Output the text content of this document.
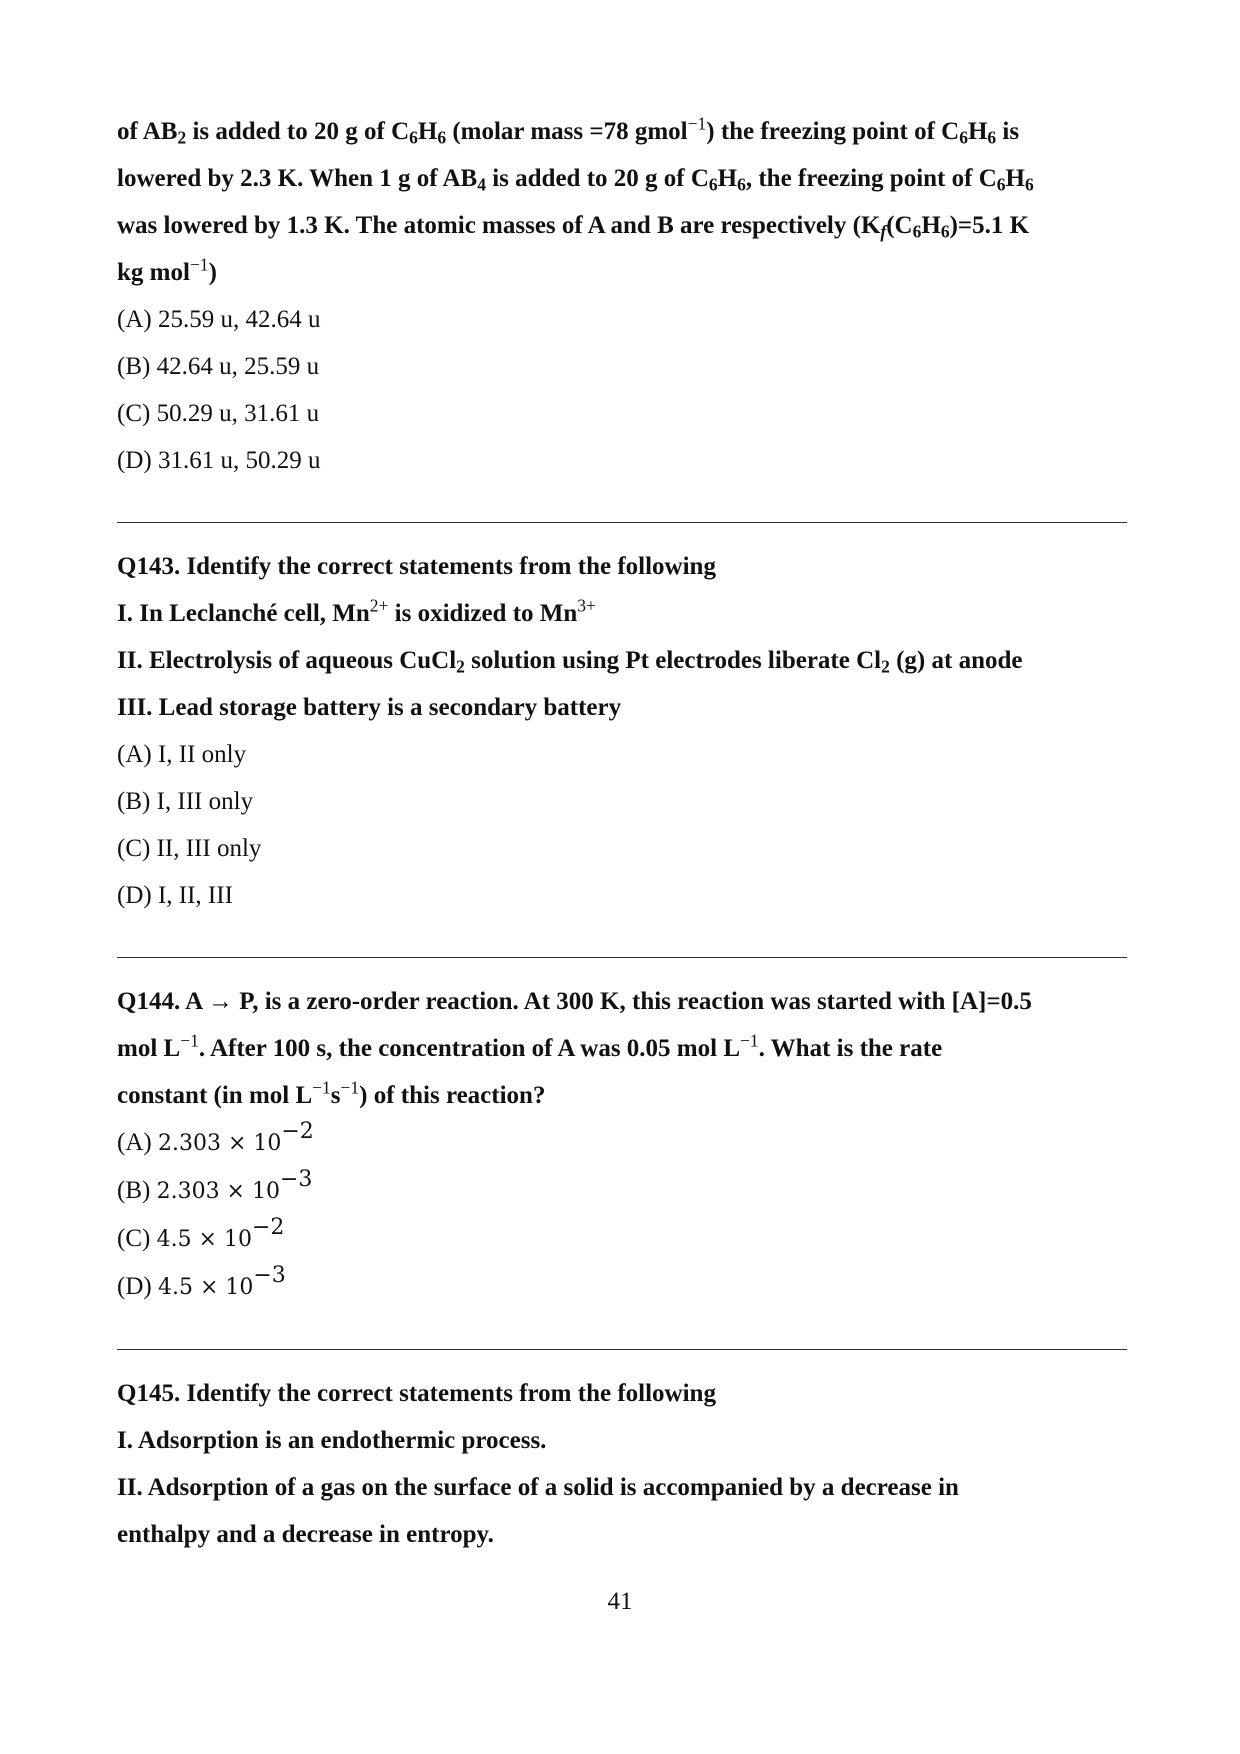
of $AB_2$ is added to 20 g of $C_6H_6$ (molar mass =78 gmol$^{-1}$) the freezing point of $C_6H_6$ is
lowered by 2.3 K. When 1 g of $AB_4$ is added to 20 g of $C_6H_6$, the freezing point of $C_6H_6$
was lowered by 1.3 K. The atomic masses of A and B are respectively ($K_f(C_6H_6)=5.1$ K
kg mol$^{-1}$)
(A) 25.59 u, 42.64 u
(B) 42.64 u, 25.59 u
(C) 50.29 u, 31.61 u
(D) 31.61 u, 50.29 u
Q143. Identify the correct statements from the following
I. In Leclanché cell, $Mn^{2+}$ is oxidized to $Mn^{3+}$
II. Electrolysis of aqueous CuCl$_2$ solution using Pt electrodes liberate $Cl_2$ (g) at anode
III. Lead storage battery is a secondary battery
(A) I, II only
(B) I, III only
(C) II, III only
(D) I, II, III
Q144. A → P, is a zero-order reaction. At 300 K, this reaction was started with [A]=0.5
mol $L^{-1}$. After 100 s, the concentration of A was 0.05 mol $L^{-1}$. What is the rate
constant (in mol $L^{-1}s^{-1}$) of this reaction?
(A) $2.303 \times 10^{-2}$
(B) $2.303 \times 10^{-3}$
(C) $4.5 \times 10^{-2}$
(D) $4.5 \times 10^{-3}$
Q145. Identify the correct statements from the following
I. Adsorption is an endothermic process.
II. Adsorption of a gas on the surface of a solid is accompanied by a decrease in
enthalpy and a decrease in entropy.
41
